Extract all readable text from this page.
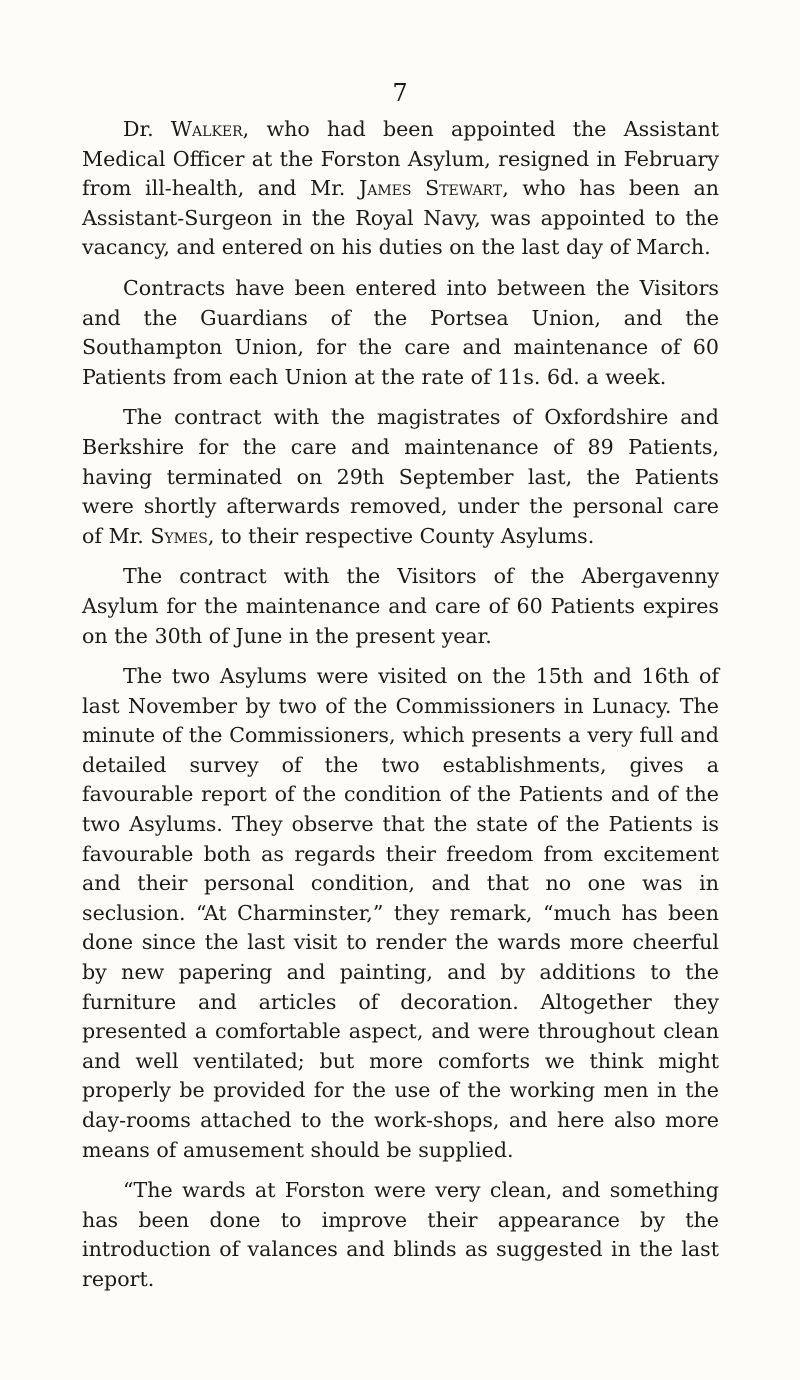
7

Dr. Walker, who had been appointed the Assistant Medical Officer at the Forston Asylum, resigned in February from ill-health, and Mr. James Stewart, who has been an Assistant-Surgeon in the Royal Navy, was appointed to the vacancy, and entered on his duties on the last day of March.

Contracts have been entered into between the Visitors and the Guardians of the Portsea Union, and the Southampton Union, for the care and maintenance of 60 Patients from each Union at the rate of 11s. 6d. a week.

The contract with the magistrates of Oxfordshire and Berkshire for the care and maintenance of 89 Patients, having terminated on 29th September last, the Patients were shortly afterwards removed, under the personal care of Mr. Symes, to their respective County Asylums.

The contract with the Visitors of the Abergavenny Asylum for the maintenance and care of 60 Patients expires on the 30th of June in the present year.

The two Asylums were visited on the 15th and 16th of last November by two of the Commissioners in Lunacy. The minute of the Commissioners, which presents a very full and detailed survey of the two establishments, gives a favourable report of the condition of the Patients and of the two Asylums. They observe that the state of the Patients is favourable both as regards their freedom from excitement and their personal condition, and that no one was in seclusion. “At Charminster,” they remark, “much has been done since the last visit to render the wards more cheerful by new papering and painting, and by additions to the furniture and articles of decoration. Altogether they presented a comfortable aspect, and were throughout clean and well ventilated; but more comforts we think might properly be provided for the use of the working men in the day-rooms attached to the work-shops, and here also more means of amusement should be supplied.

“The wards at Forston were very clean, and something has been done to improve their appearance by the introduction of valances and blinds as suggested in the last report.
